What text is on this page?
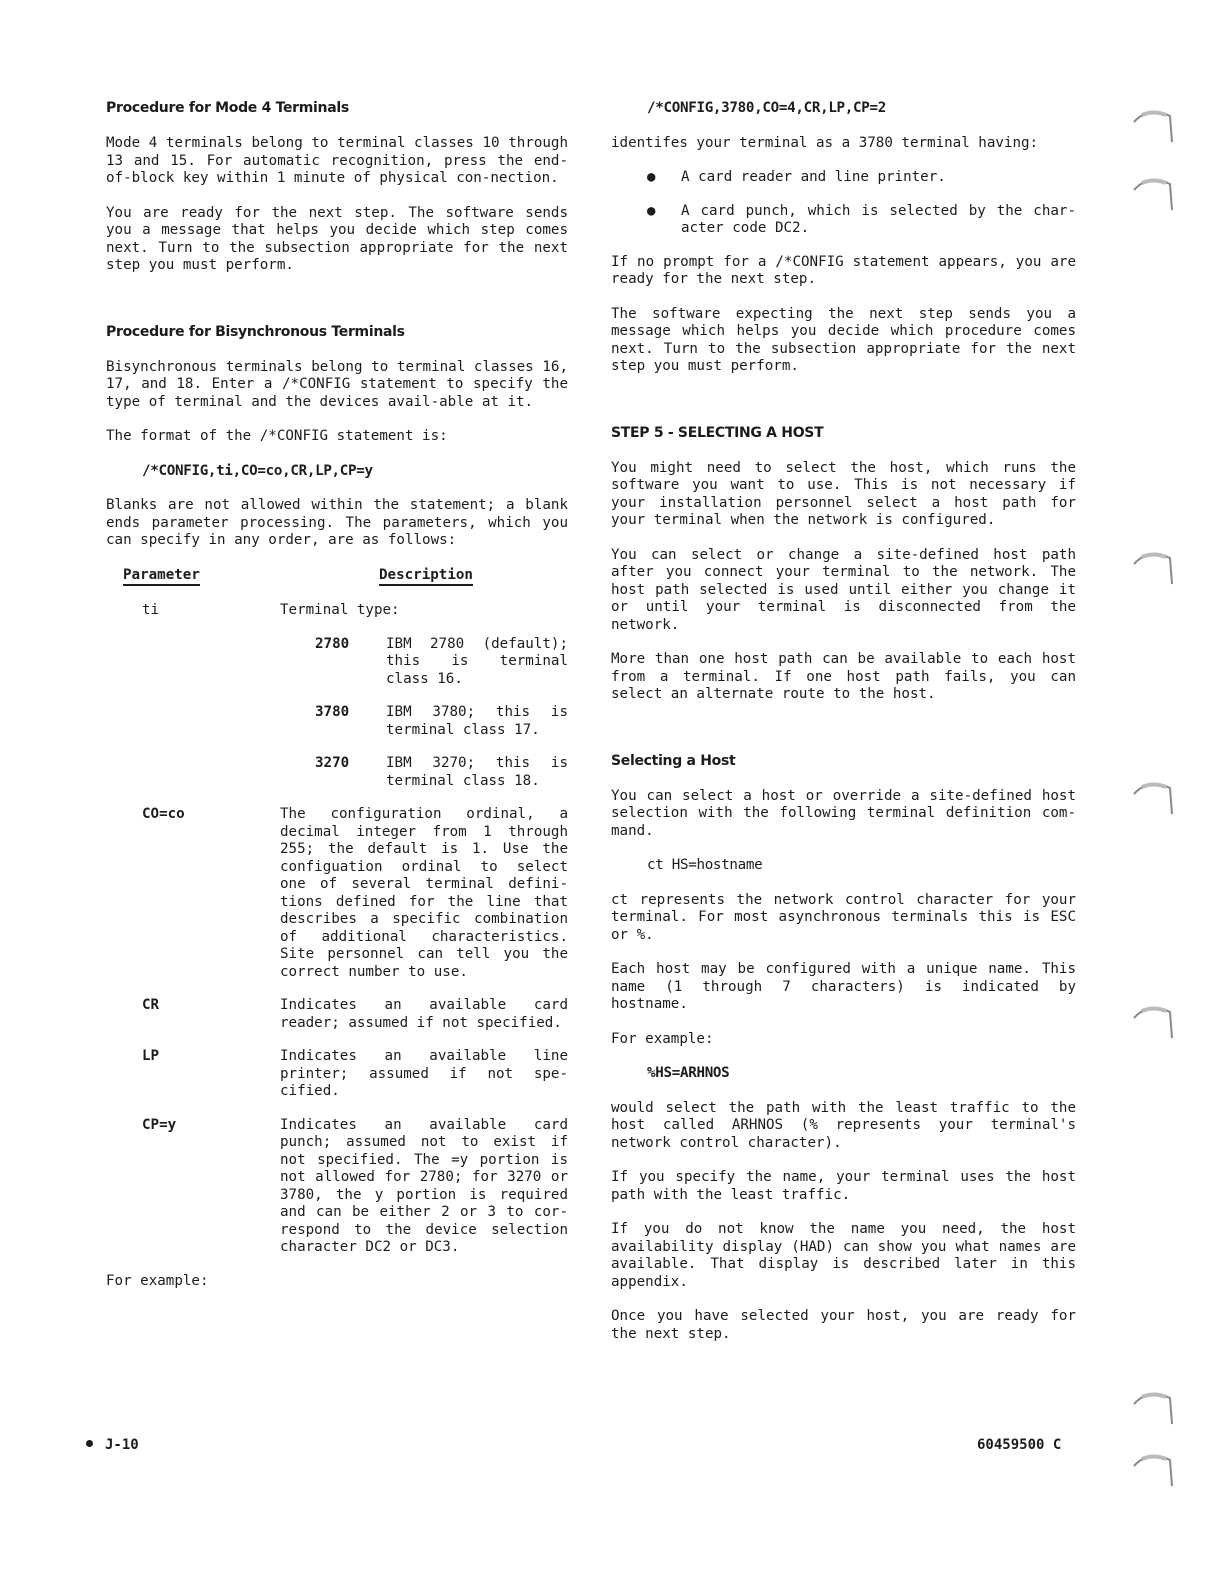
Procedure for Mode 4 Terminals
Mode 4 terminals belong to terminal classes 10 through 13 and 15. For automatic recognition, press the end-of-block key within 1 minute of physical con-nection.
You are ready for the next step. The software sends you a message that helps you decide which step comes next. Turn to the subsection appropriate for the next step you must perform.
Procedure for Bisynchronous Terminals
Bisynchronous terminals belong to terminal classes 16, 17, and 18. Enter a /*CONFIG statement to specify the type of terminal and the devices avail-able at it.
The format of the /*CONFIG statement is:
/*CONFIG,ti,CO=co,CR,LP,CP=y
Blanks are not allowed within the statement; a blank ends parameter processing. The parameters, which you can specify in any order, are as follows:
Parameter	Description
ti	Terminal type:
2780	IBM 2780 (default); this is terminal class 16.
3780	IBM 3780; this is terminal class 17.
3270	IBM 3270; this is terminal class 18.
CO=co	The configuration ordinal, a decimal integer from 1 through 255; the default is 1. Use the configuation ordinal to select one of several terminal defini-tions defined for the line that describes a specific combination of additional characteristics. Site personnel can tell you the correct number to use.
CR	Indicates an available card reader; assumed if not specified.
LP	Indicates an available line printer; assumed if not spe-cified.
CP=y	Indicates an available card punch; assumed not to exist if not specified. The =y portion is not allowed for 2780; for 3270 or 3780, the y portion is required and can be either 2 or 3 to cor-respond to the device selection character DC2 or DC3.
For example:
/*CONFIG,3780,CO=4,CR,LP,CP=2
identifes your terminal as a 3780 terminal having:
● A card reader and line printer.
● A card punch, which is selected by the char-acter code DC2.
If no prompt for a /*CONFIG statement appears, you are ready for the next step.
The software expecting the next step sends you a message which helps you decide which procedure comes next. Turn to the subsection appropriate for the next step you must perform.
STEP 5 - SELECTING A HOST
You might need to select the host, which runs the software you want to use. This is not necessary if your installation personnel select a host path for your terminal when the network is configured.
You can select or change a site-defined host path after you connect your terminal to the network. The host path selected is used until either you change it or until your terminal is disconnected from the network.
More than one host path can be available to each host from a terminal. If one host path fails, you can select an alternate route to the host.
Selecting a Host
You can select a host or override a site-defined host selection with the following terminal definition com-mand.
ct HS=hostname
ct represents the network control character for your terminal. For most asynchronous terminals this is ESC or %.
Each host may be configured with a unique name. This name (1 through 7 characters) is indicated by hostname.
For example:
%HS=ARHNOS
would select the path with the least traffic to the host called ARHNOS (% represents your terminal's network control character).
If you specify the name, your terminal uses the host path with the least traffic.
If you do not know the name you need, the host availability display (HAD) can show you what names are available. That display is described later in this appendix.
Once you have selected your host, you are ready for the next step.
J-10	60459500 C
